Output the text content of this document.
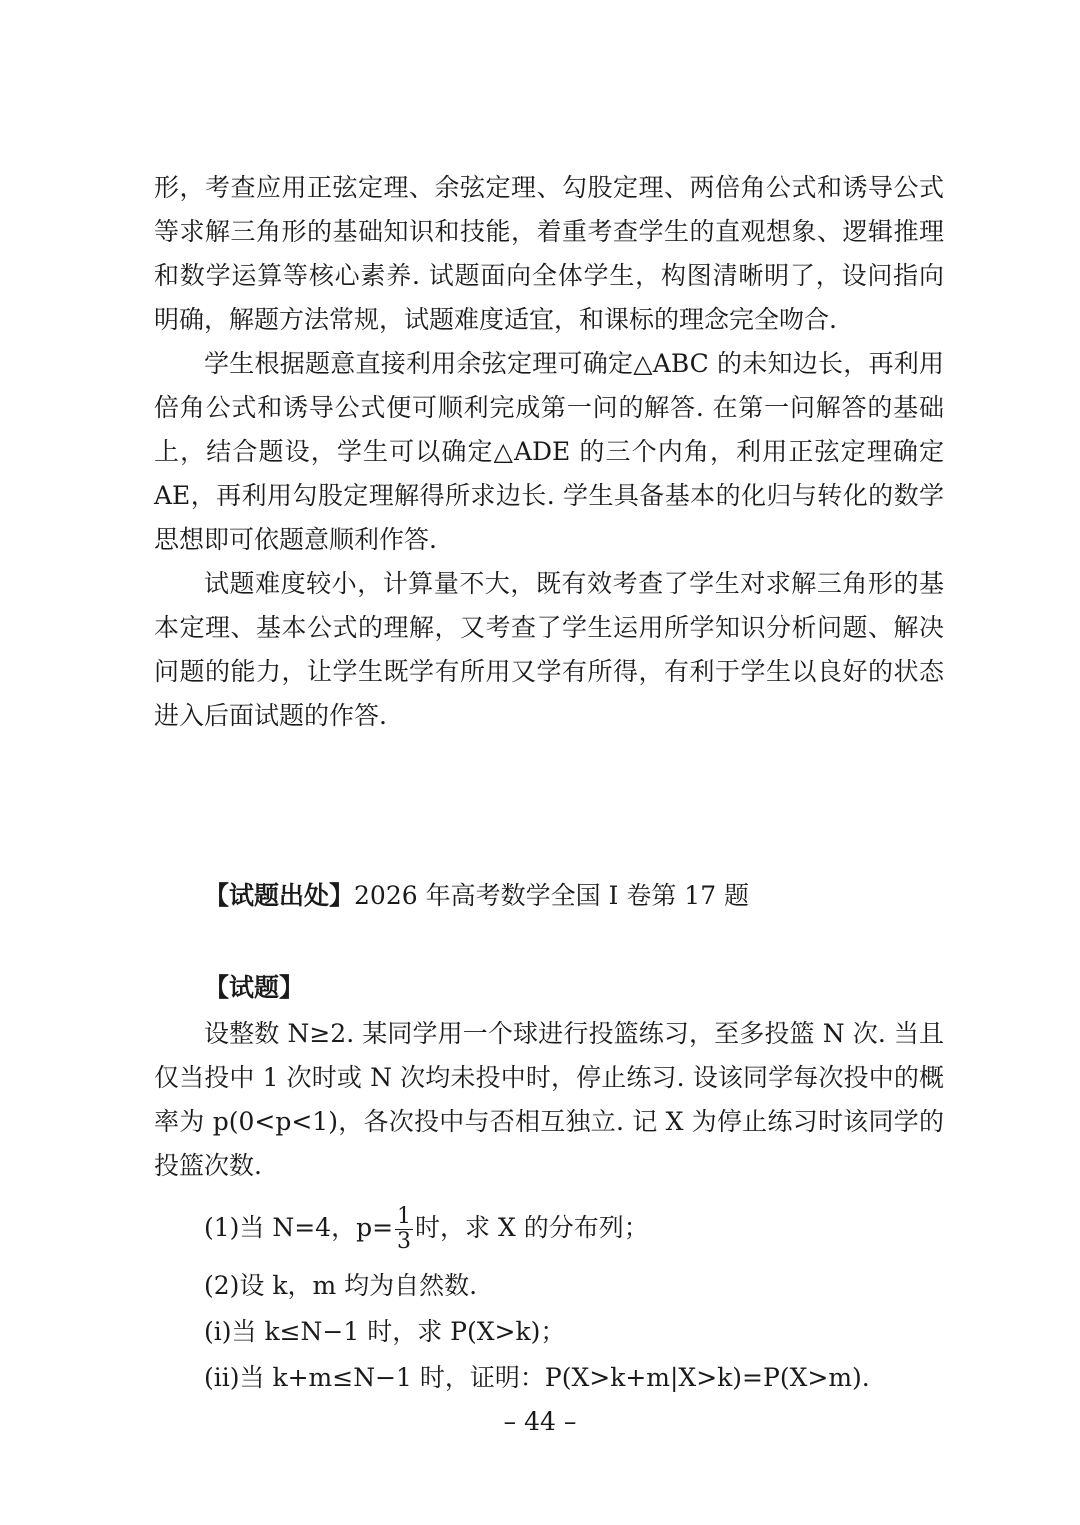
形，考查应用正弦定理、余弦定理、勾股定理、两倍角公式和诱导公式等求解三角形的基础知识和技能，着重考查学生的直观想象、逻辑推理和数学运算等核心素养. 试题面向全体学生，构图清晰明了，设问指向明确，解题方法常规，试题难度适宜，和课标的理念完全吻合.

学生根据题意直接利用余弦定理可确定△ABC 的未知边长，再利用倍角公式和诱导公式便可顺利完成第一问的解答. 在第一问解答的基础上，结合题设，学生可以确定△ADE 的三个内角，利用正弦定理确定AE，再利用勾股定理解得所求边长. 学生具备基本的化归与转化的数学思想即可依题意顺利作答.

试题难度较小，计算量不大，既有效考查了学生对求解三角形的基本定理、基本公式的理解，又考查了学生运用所学知识分析问题、解决问题的能力，让学生既学有所用又学有所得，有利于学生以良好的状态进入后面试题的作答.

【试题出处】2026 年高考数学全国 Ⅰ 卷第 17 题
【试题】

设整数 N≥2. 某同学用一个球进行投篮练习，至多投篮 N 次. 当且仅当投中 1 次时或 N 次均未投中时，停止练习. 设该同学每次投中的概率为 p(0<p<1)，各次投中与否相互独立. 记 X 为停止练习时该同学的投篮次数.

(1)当 N=4，$p= \frac{1}{3}$ 时，求 X 的分布列；
(2)设 k，m 均为自然数.
(ⅰ)当 k≤N−1 时，求 P(X>k)；
(ⅱ)当 k+m≤N−1 时，证明：P(X>k+m|X>k)=P(X>m).
– 44 –
